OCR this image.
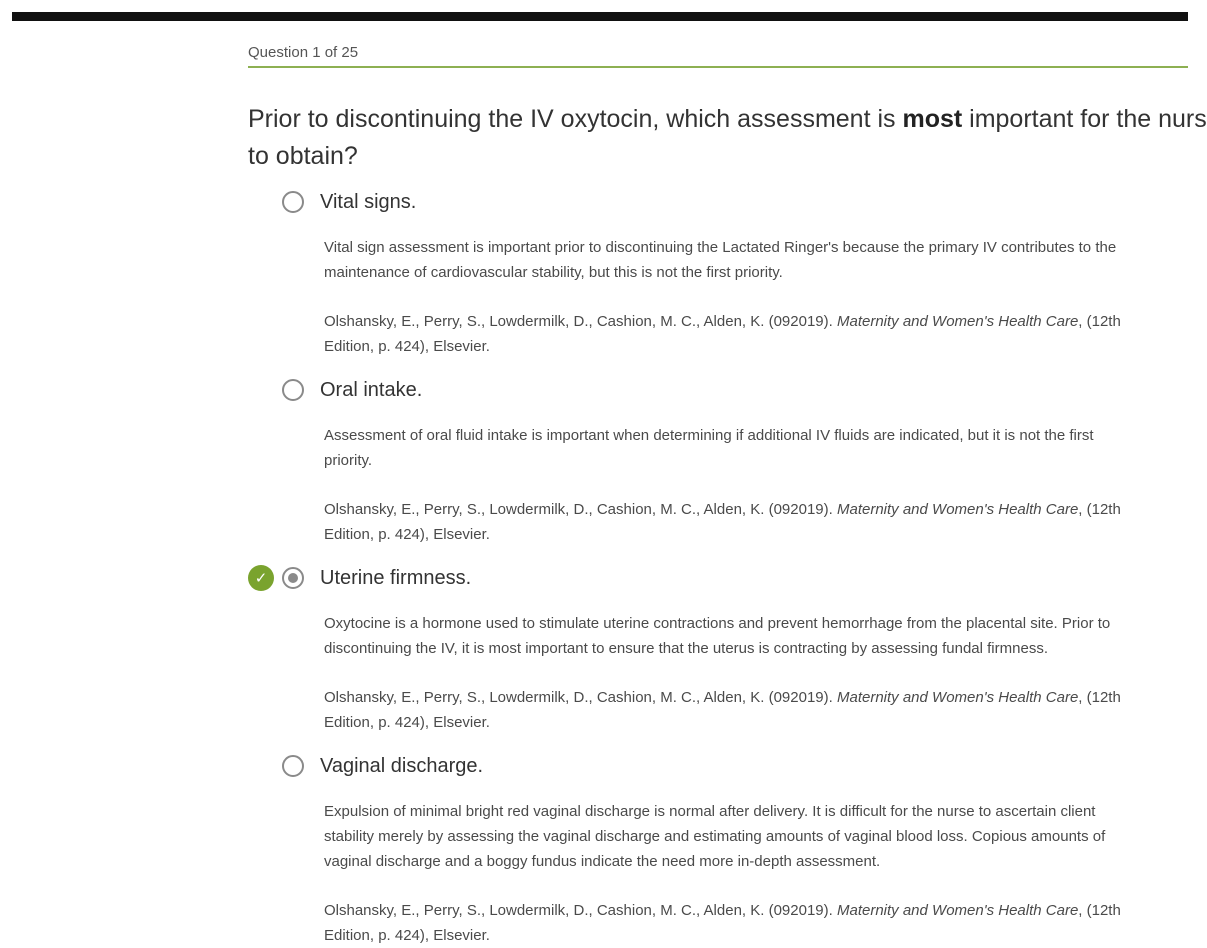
Question 1 of 25
Prior to discontinuing the IV oxytocin, which assessment is most important for the nurs
to obtain?
Vital signs.
Vital sign assessment is important prior to discontinuing the Lactated Ringer's because the primary IV contributes to the
maintenance of cardiovascular stability, but this is not the first priority.
Olshansky, E., Perry, S., Lowdermilk, D., Cashion, M. C., Alden, K. (092019). Maternity and Women's Health Care, (12th
Edition, p. 424), Elsevier.
Oral intake.
Assessment of oral fluid intake is important when determining if additional IV fluids are indicated, but it is not the first
priority.
Olshansky, E., Perry, S., Lowdermilk, D., Cashion, M. C., Alden, K. (092019). Maternity and Women's Health Care, (12th
Edition, p. 424), Elsevier.
✓	Uterine firmness.
Oxytocine is a hormone used to stimulate uterine contractions and prevent hemorrhage from the placental site. Prior to
discontinuing the IV, it is most important to ensure that the uterus is contracting by assessing fundal firmness.
Olshansky, E., Perry, S., Lowdermilk, D., Cashion, M. C., Alden, K. (092019). Maternity and Women's Health Care, (12th
Edition, p. 424), Elsevier.
Vaginal discharge.
Expulsion of minimal bright red vaginal discharge is normal after delivery. It is difficult for the nurse to ascertain client
stability merely by assessing the vaginal discharge and estimating amounts of vaginal blood loss. Copious amounts of
vaginal discharge and a boggy fundus indicate the need more in-depth assessment.
Olshansky, E., Perry, S., Lowdermilk, D., Cashion, M. C., Alden, K. (092019). Maternity and Women's Health Care, (12th
Edition, p. 424), Elsevier.
